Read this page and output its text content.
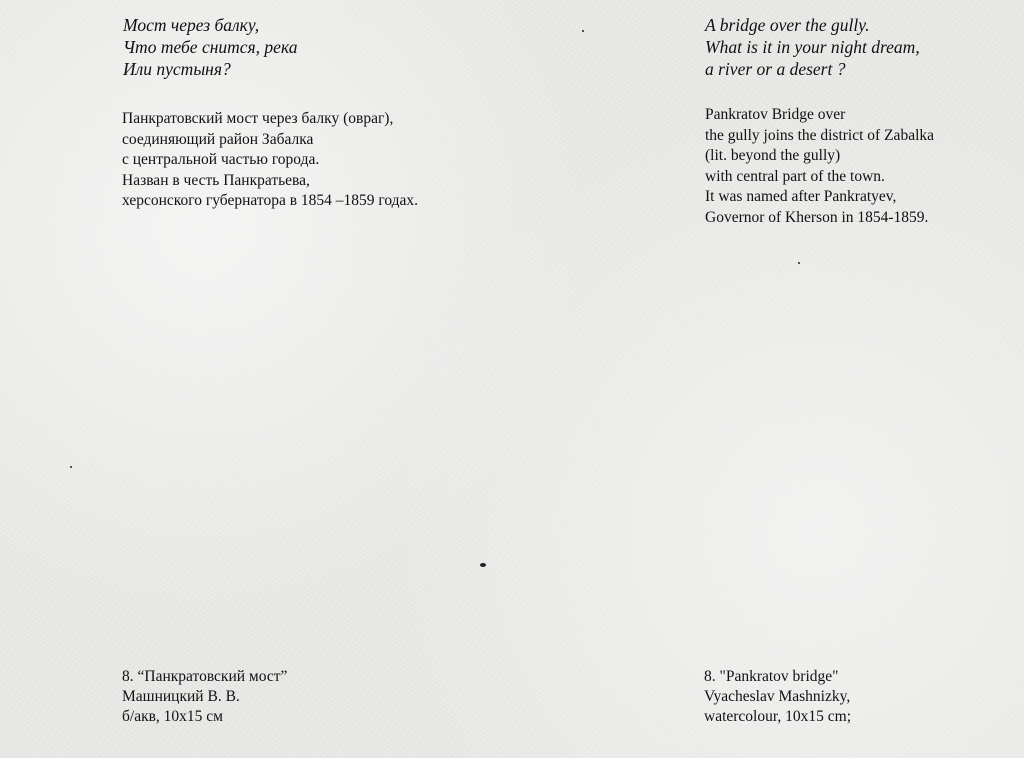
Мост через балку,
Что тебе снится, река
Или пустыня?
Панкратовский мост через балку (овраг),
соединяющий район Забалка
с центральной частью города.
Назван в честь Панкратьева,
херсонского губернатора в 1854 –1859 годах.
8. “Панкратовский мост”
Машницкий В. В.
б/акв, 10х15 см
A bridge over the gully.
What is it in your night dream,
a river or a desert ?
Pankratov Bridge over
the gully joins the district of Zabalka
(lit. beyond the gully)
with central part of the town.
It was named after Pankratyev,
Governor of Kherson in 1854-1859.
8. "Pankratov bridge"
Vyacheslav Mashnizky,
watercolour, 10x15 cm;
